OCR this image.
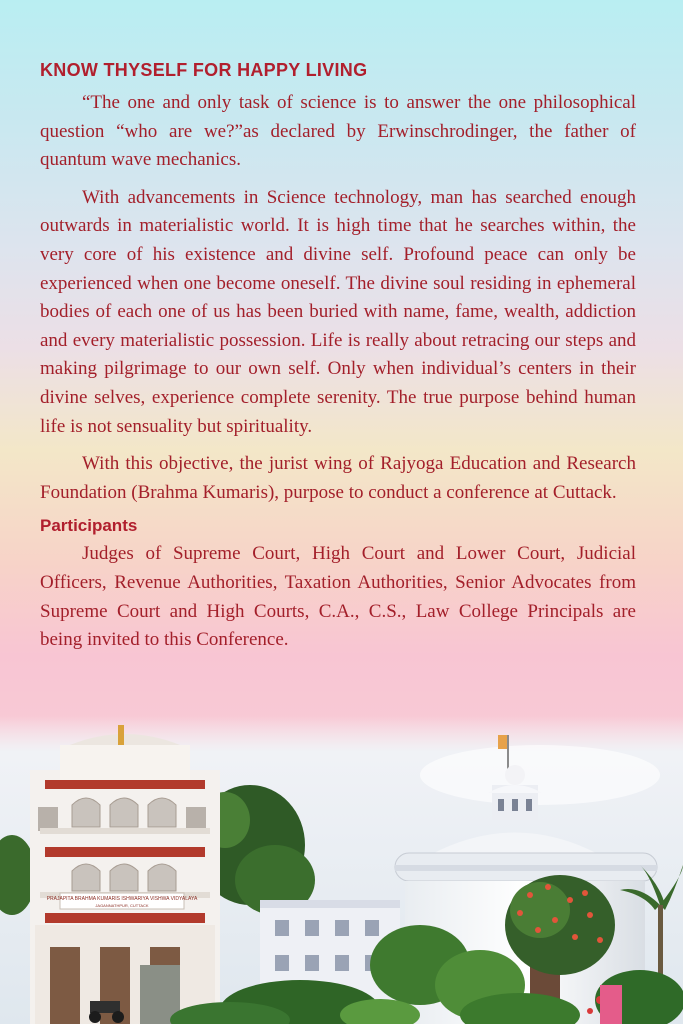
KNOW THYSELF FOR HAPPY LIVING

“The one and only task of science is to answer the one philosophical question “who are we?”as declared by Erwinschrodinger, the father of quantum wave mechanics.

With advancements in Science technology, man has searched enough outwards in materialistic world. It is high time that he searches within, the very core of his existence and divine self. Profound peace can only be experienced when one become oneself. The divine soul residing in ephemeral bodies of each one of us has been buried with name, fame, wealth, addiction and every materialistic possession. Life is really about retracing our steps and making pilgrimage to our own self. Only when individual’s centers in their divine selves, experience complete serenity. The true purpose behind human life is not sensuality but spirituality.

With this objective, the jurist wing of Rajyoga Education and Research Foundation (Brahma Kumaris), purpose to conduct a conference at Cuttack.

Participants

Judges of Supreme Court, High Court and Lower Court, Judicial Officers, Revenue Authorities, Taxation Authorities, Senior Advocates from Supreme Court and High Courts, C.A., C.S., Law College Principals are being invited to this Conference.

PRAJAPITA BRAHMA KUMARIS ISHWARIYA VISHWA VIDYALAYA
JAGANNATHPUR, CUTTACK
